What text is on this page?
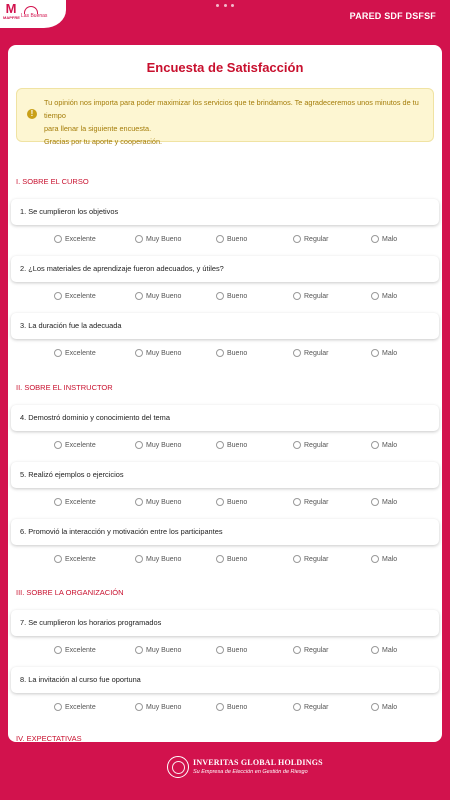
M
MAPFRE Las Buenas	PARED SDF DSFSF
Encuesta de Satisfacción
!

Tu opinión nos importa para poder maximizar los servicios que te brindamos. Te agradeceremos unos minutos de tu tiempo

para llenar la siguiente encuesta.

Gracias por tu aporte y cooperación.

I. SOBRE EL CURSO
1. Se cumplieron los objetivos
Excelente	Muy Bueno	Bueno	Regular	Malo
2. ¿Los materiales de aprendizaje fueron adecuados, y útiles?
Excelente	Muy Bueno	Bueno	Regular	Malo
3. La duración fue la adecuada
Excelente	Muy Bueno	Bueno	Regular	Malo
II. SOBRE EL INSTRUCTOR
4. Demostró dominio y conocimiento del tema
Excelente	Muy Bueno	Bueno	Regular	Malo
5. Realizó ejemplos o ejercicios
Excelente	Muy Bueno	Bueno	Regular	Malo
6. Promovió la interacción y motivación entre los participantes
Excelente	Muy Bueno	Bueno	Regular	Malo
III. SOBRE LA ORGANIZACIÓN
7. Se cumplieron los horarios programados
Excelente	Muy Bueno	Bueno	Regular	Malo
8. La invitación al curso fue oportuna
Excelente	Muy Bueno	Bueno	Regular	Malo
IV. EXPECTATIVAS
INVERITAS GLOBAL HOLDINGS
Su Empresa de Elección en Gestión de Riesgo
